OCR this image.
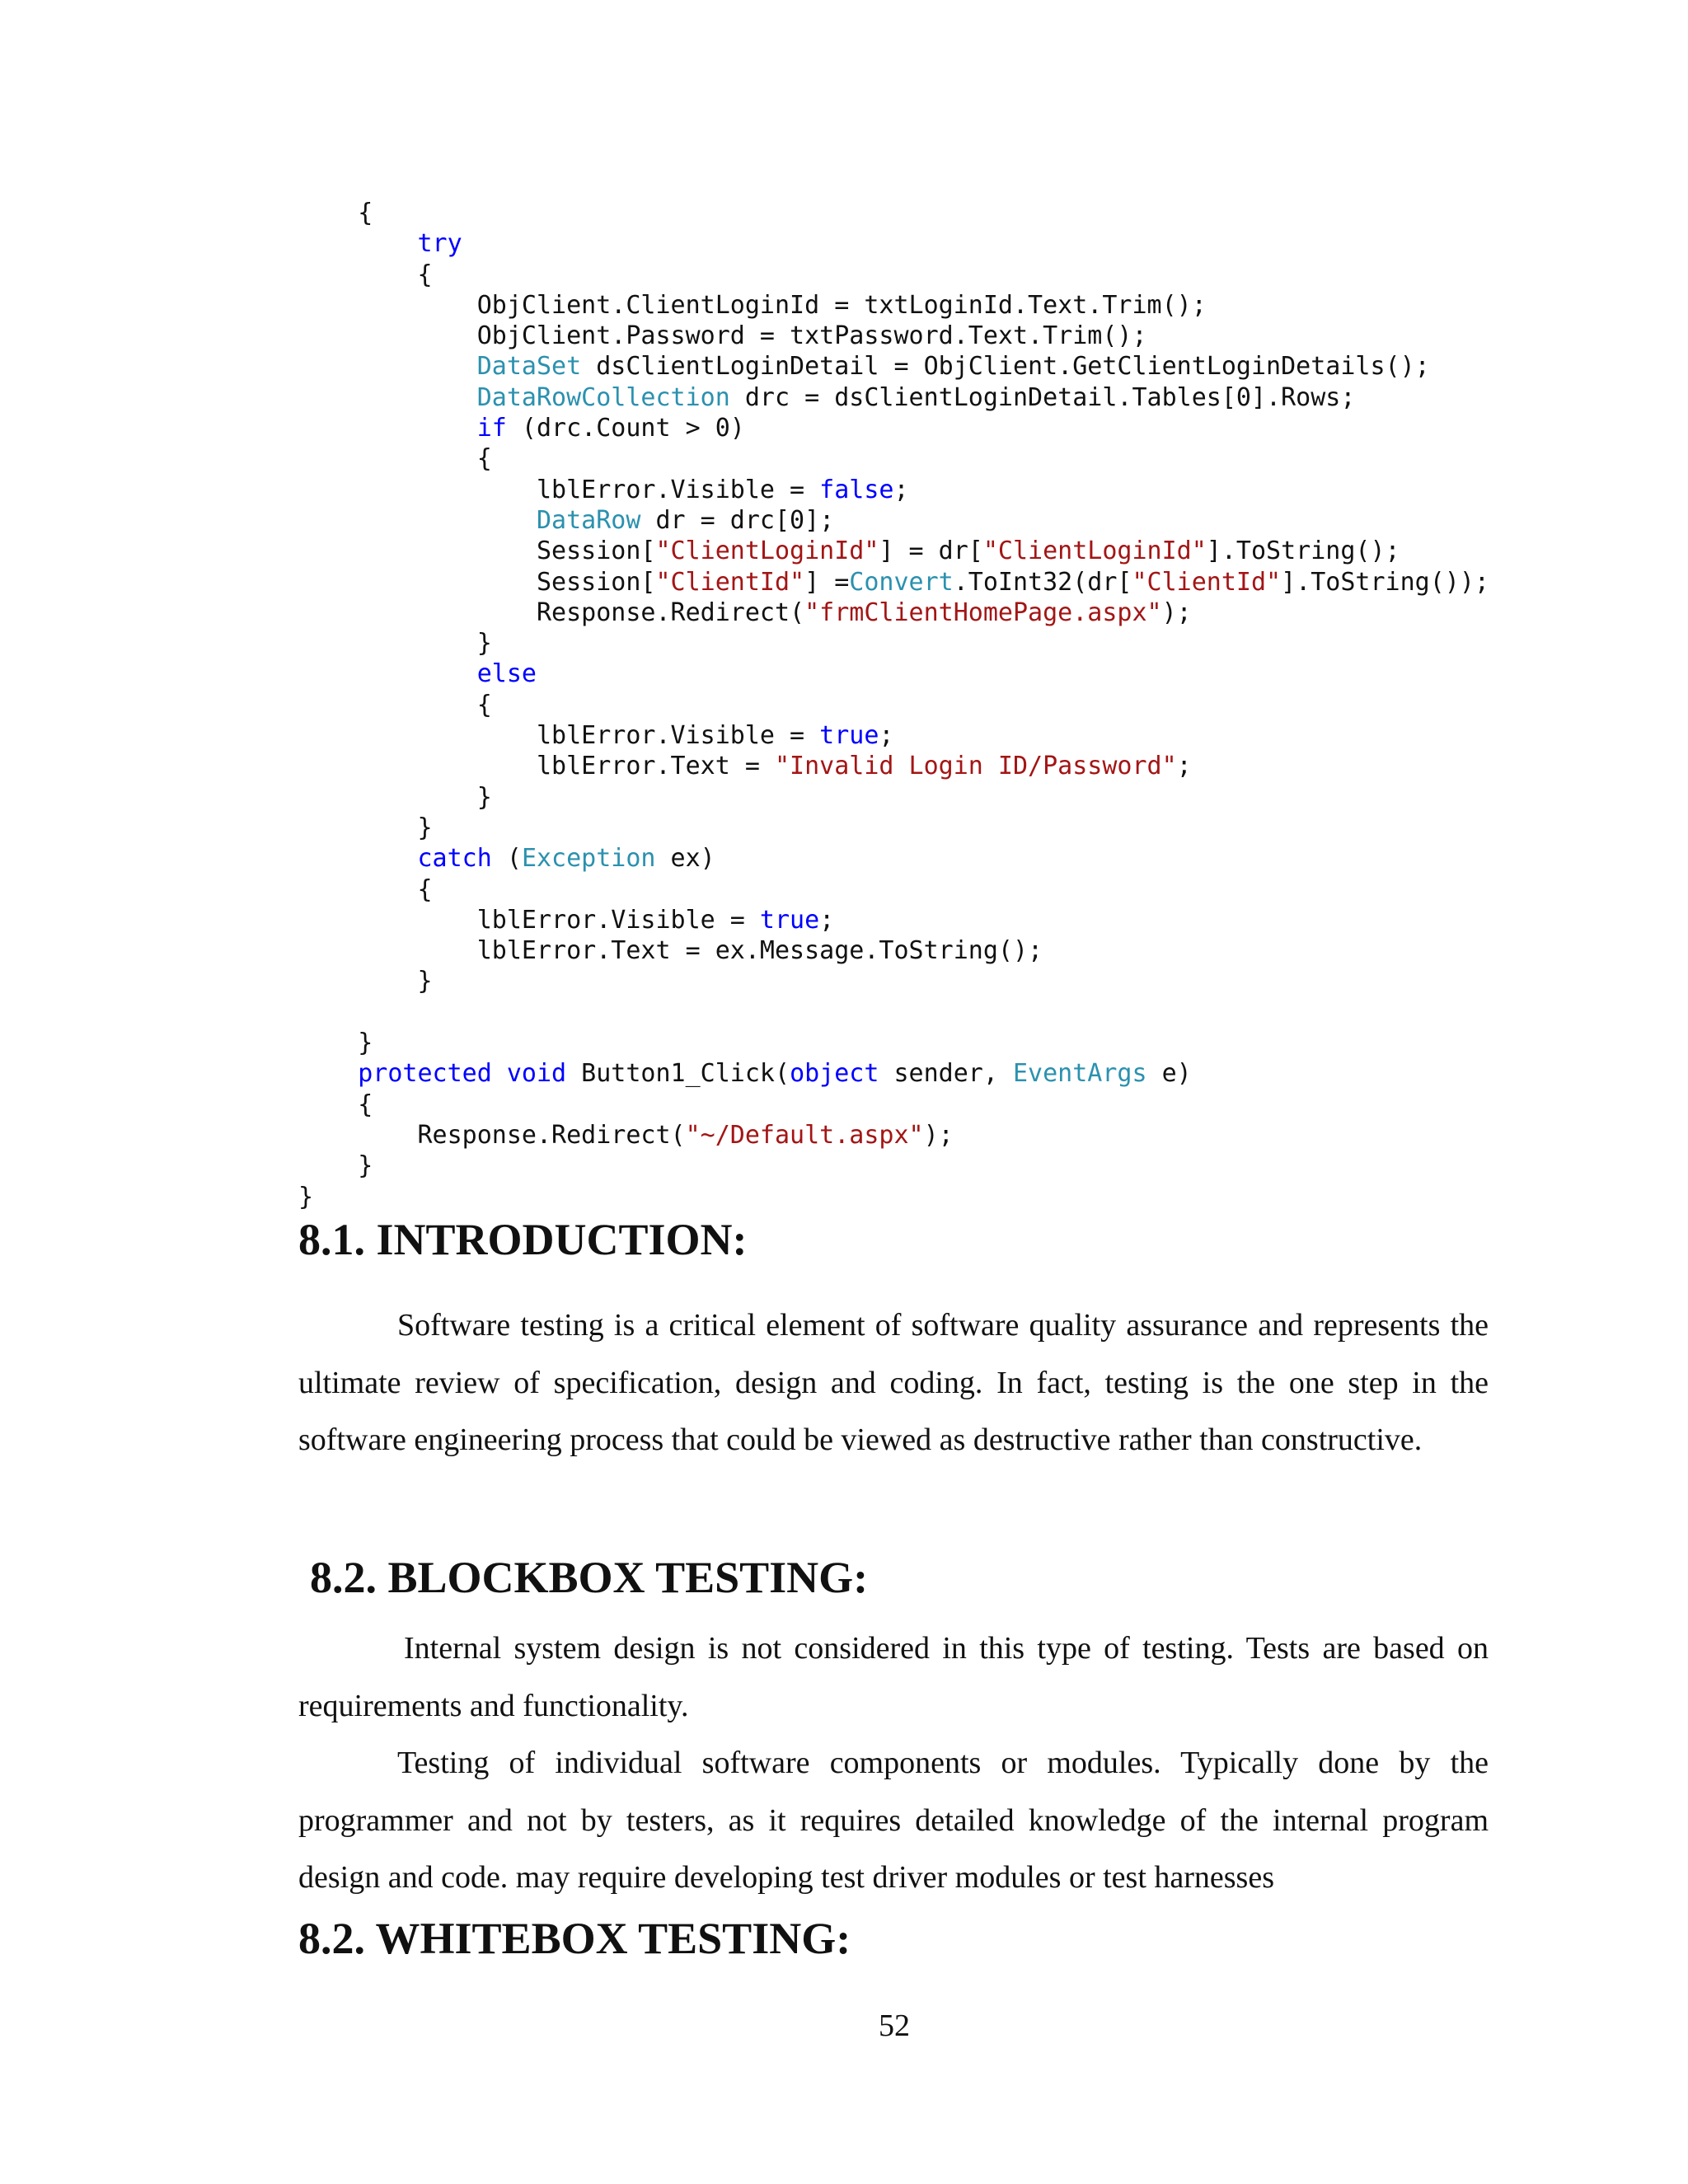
{
try
{
ObjClient.ClientLoginId = txtLoginId.Text.Trim();
ObjClient.Password = txtPassword.Text.Trim();
DataSet dsClientLoginDetail = ObjClient.GetClientLoginDetails();
DataRowCollection drc = dsClientLoginDetail.Tables[0].Rows;
if (drc.Count > 0)
{
lblError.Visible = false;
DataRow dr = drc[0];
Session["ClientLoginId"] = dr["ClientLoginId"].ToString();
Session["ClientId"] =Convert.ToInt32(dr["ClientId"].ToString());
Response.Redirect("frmClientHomePage.aspx");
}
else
{
lblError.Visible = true;
lblError.Text = "Invalid Login ID/Password";
}
}
catch (Exception ex)
{
lblError.Visible = true;
lblError.Text = ex.Message.ToString();
}
}
protected void Button1_Click(object sender, EventArgs e)
{
Response.Redirect("~/Default.aspx");
}
}
8.1. INTRODUCTION:

Software testing is a critical element of software quality assurance and represents the ultimate review of specification, design and coding. In fact, testing is the one step in the software engineering process that could be viewed as destructive rather than constructive.

8.2. BLOCKBOX TESTING:

Internal system design is not considered in this type of testing. Tests are based on requirements and functionality.

Testing of individual software components or modules. Typically done by the programmer and not by testers, as it requires detailed knowledge of the internal program design and code. may require developing test driver modules or test harnesses

8.2. WHITEBOX TESTING:
52
